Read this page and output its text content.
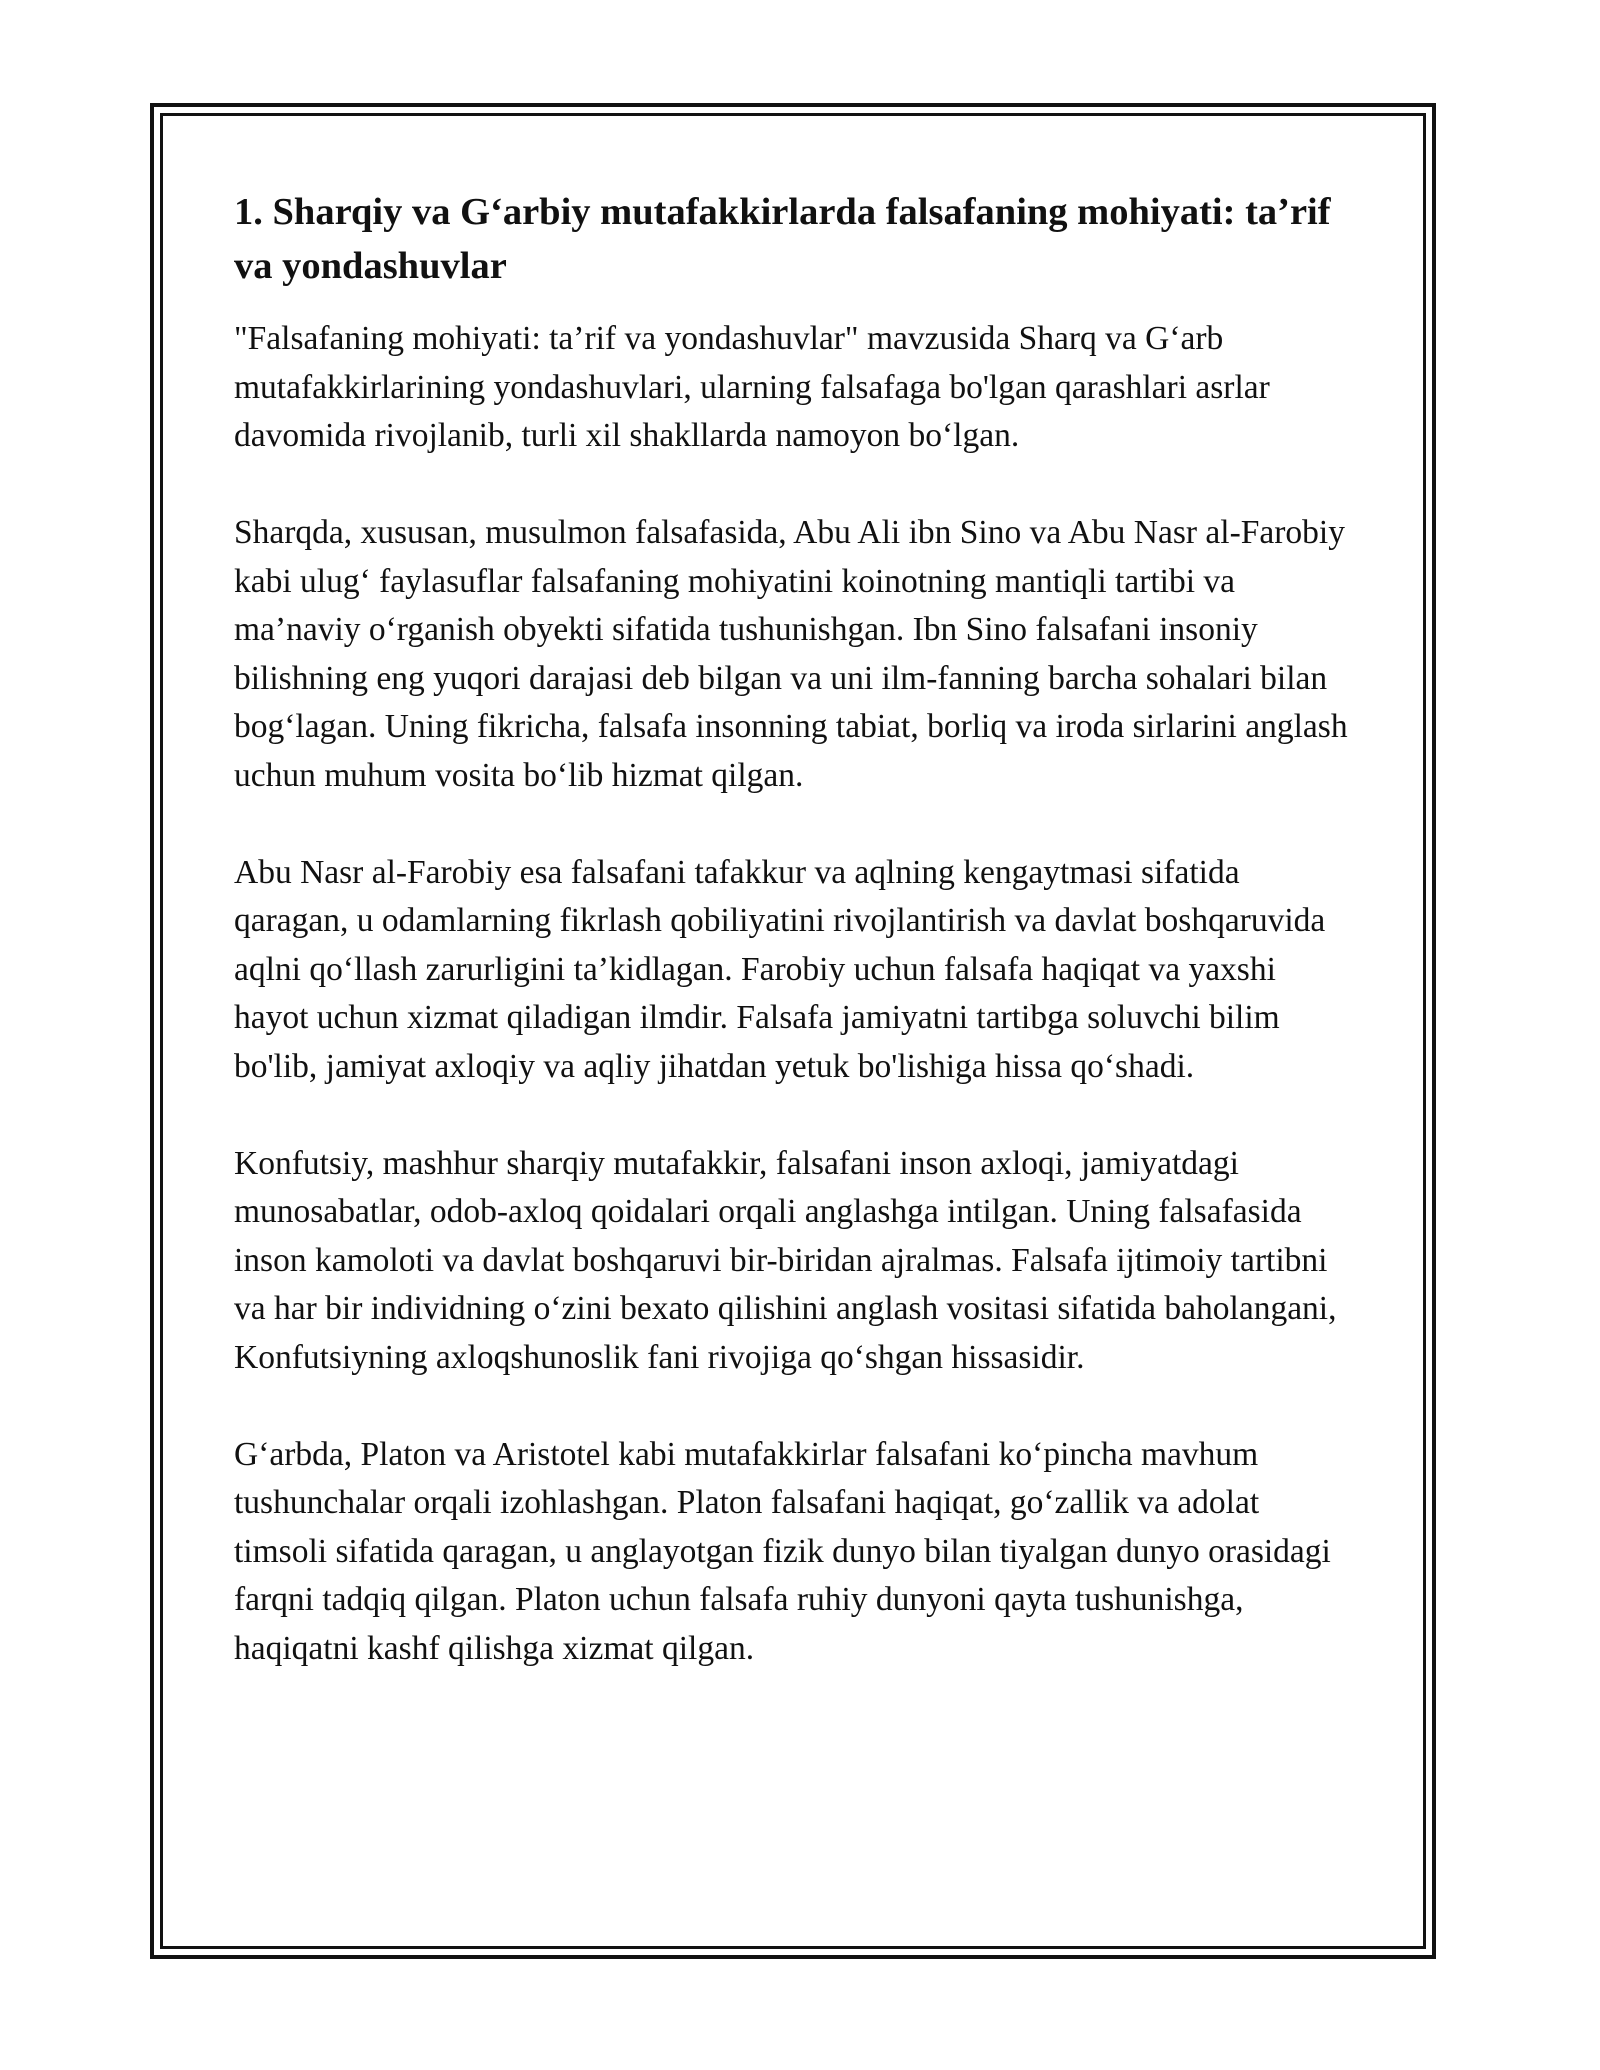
1. Sharqiy va G‘arbiy mutafakkirlarda falsafaning mohiyati: ta’rif va yondashuvlar

"Falsafaning mohiyati: ta’rif va yondashuvlar" mavzusida Sharq va G‘arb mutafakkirlarining yondashuvlari, ularning falsafaga bo'lgan qarashlari asrlar davomida rivojlanib, turli xil shakllarda namoyon bo‘lgan.

Sharqda, xususan, musulmon falsafasida, Abu Ali ibn Sino va Abu Nasr al-Farobiy kabi ulug‘ faylasuflar falsafaning mohiyatini koinotning mantiqli tartibi va ma’naviy o‘rganish obyekti sifatida tushunishgan. Ibn Sino falsafani insoniy bilishning eng yuqori darajasi deb bilgan va uni ilm-fanning barcha sohalari bilan bog‘lagan. Uning fikricha, falsafa insonning tabiat, borliq va iroda sirlarini anglash uchun muhum vosita bo‘lib hizmat qilgan.

Abu Nasr al-Farobiy esa falsafani tafakkur va aqlning kengaytmasi sifatida qaragan, u odamlarning fikrlash qobiliyatini rivojlantirish va davlat boshqaruvida aqlni qo‘llash zarurligini ta’kidlagan. Farobiy uchun falsafa haqiqat va yaxshi hayot uchun xizmat qiladigan ilmdir. Falsafa jamiyatni tartibga soluvchi bilim bo'lib, jamiyat axloqiy va aqliy jihatdan yetuk bo'lishiga hissa qo‘shadi.

Konfutsiy, mashhur sharqiy mutafakkir, falsafani inson axloqi, jamiyatdagi munosabatlar, odob-axloq qoidalari orqali anglashga intilgan. Uning falsafasida inson kamoloti va davlat boshqaruvi bir-biridan ajralmas. Falsafa ijtimoiy tartibni va har bir individning o‘zini bexato qilishini anglash vositasi sifatida baholangani, Konfutsiyning axloqshunoslik fani rivojiga qo‘shgan hissasidir.

G‘arbda, Platon va Aristotel kabi mutafakkirlar falsafani ko‘pincha mavhum tushunchalar orqali izohlashgan. Platon falsafani haqiqat, go‘zallik va adolat timsoli sifatida qaragan, u anglayotgan fizik dunyo bilan tiyalgan dunyo orasidagi farqni tadqiq qilgan. Platon uchun falsafa ruhiy dunyoni qayta tushunishga, haqiqatni kashf qilishga xizmat qilgan.
